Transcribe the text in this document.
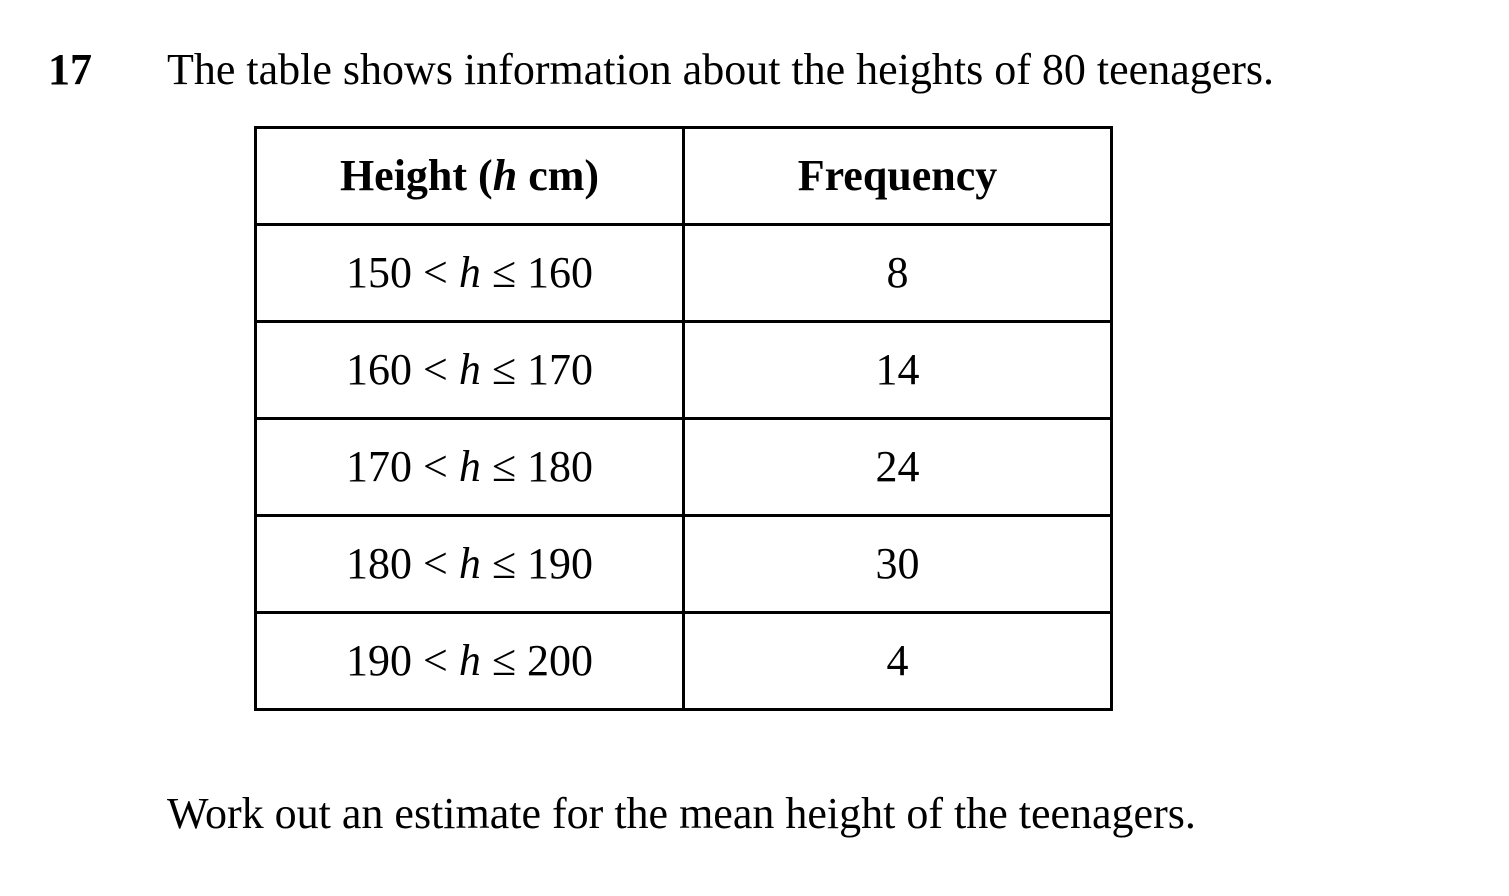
17 The table shows information about the heights of 80 teenagers.
Height (h cm)	Frequency
150 < h ≤ 160	8
160 < h ≤ 170	14
170 < h ≤ 180	24
180 < h ≤ 190	30
190 < h ≤ 200	4
Work out an estimate for the mean height of the teenagers.
